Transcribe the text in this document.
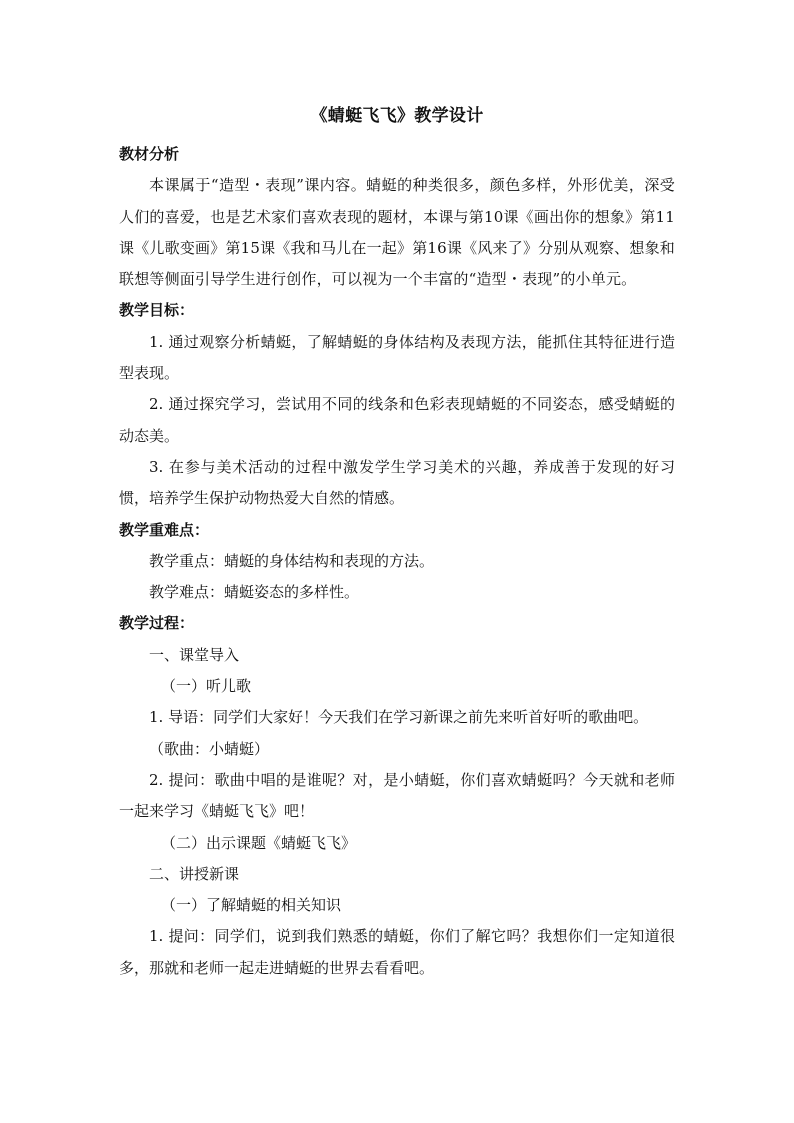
《蜻蜓飞飞》教学设计

教材分析

本课属于“造型・表现”课内容。蜻蜓的种类很多，颜色多样，外形优美，深受人们的喜爱，也是艺术家们喜欢表现的题材，本课与第10课《画出你的想象》第11课《儿歌变画》第15课《我和马儿在一起》第16课《风来了》分别从观察、想象和联想等侧面引导学生进行创作，可以视为一个丰富的“造型・表现”的小单元。

教学目标：

1. 通过观察分析蜻蜓，了解蜻蜓的身体结构及表现方法，能抓住其特征进行造型表现。

2. 通过探究学习，尝试用不同的线条和色彩表现蜻蜓的不同姿态，感受蜻蜓的动态美。

3. 在参与美术活动的过程中激发学生学习美术的兴趣，养成善于发现的好习惯，培养学生保护动物热爱大自然的情感。

教学重难点：

教学重点：蜻蜓的身体结构和表现的方法。

教学难点：蜻蜓姿态的多样性。

教学过程：

一、课堂导入

（一）听儿歌

1. 导语：同学们大家好！今天我们在学习新课之前先来听首好听的歌曲吧。

（歌曲：小蜻蜓）

2. 提问：歌曲中唱的是谁呢？对，是小蜻蜓，你们喜欢蜻蜓吗？今天就和老师一起来学习《蜻蜓飞飞》吧！

（二）出示课题《蜻蜓飞飞》

二、讲授新课

（一）了解蜻蜓的相关知识

1. 提问：同学们，说到我们熟悉的蜻蜓，你们了解它吗？我想你们一定知道很多，那就和老师一起走进蜻蜓的世界去看看吧。
